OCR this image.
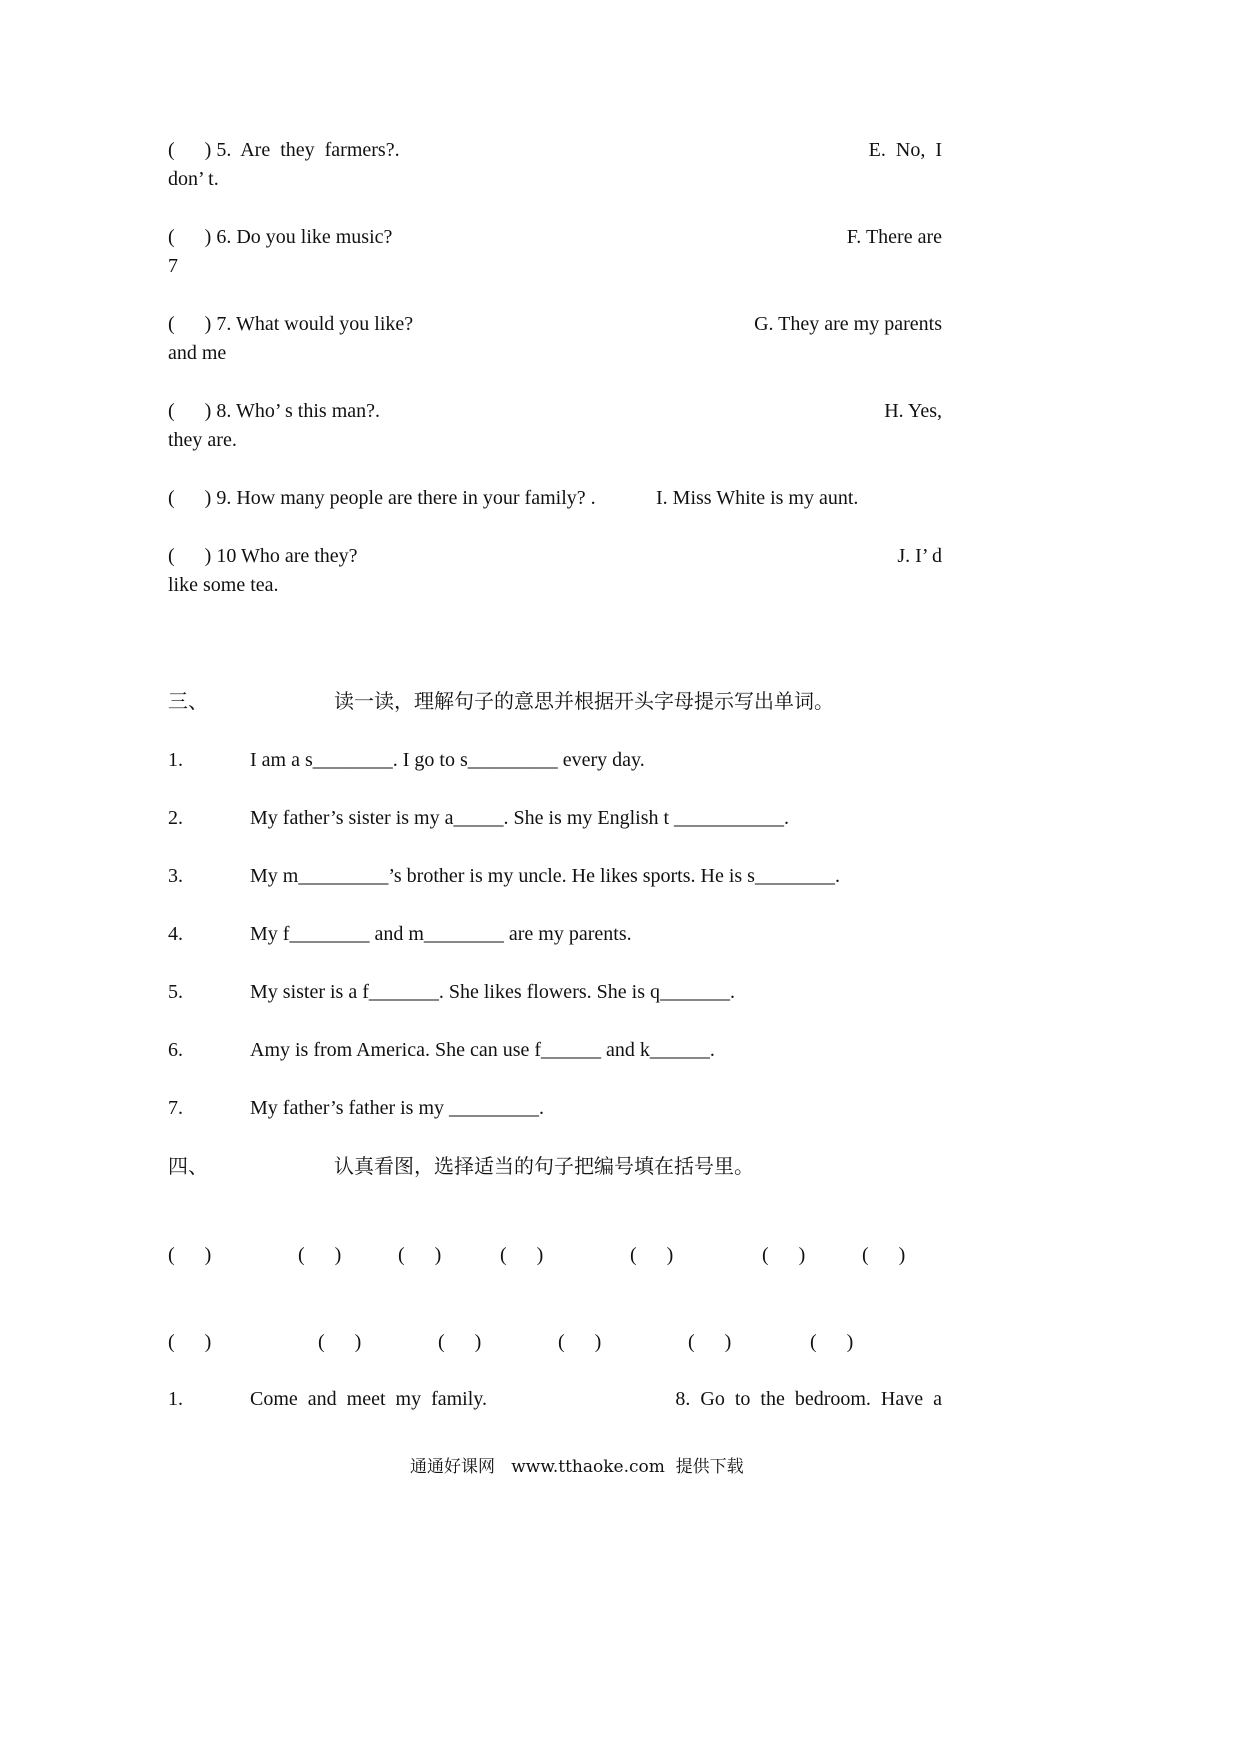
(      ) 5.  Are  they  farmers?.	E.  No,  I
don’ t.
(      ) 6. Do you like music?	F. There are
7
(      ) 7. What would you like?	G. They are my parents
and me
(      ) 8. Who’ s this man?.	H. Yes,
they are.
(      ) 9. How many people are there in your family? .	I. Miss White is my aunt.
(      ) 10 Who are they?	J. I’ d
like some tea.
三、	读一读，理解句子的意思并根据开头字母提示写出单词。
1.	I am a s________. I go to s_________ every day.
2.	My father’s sister is my a_____. She is my English t ___________.
3.	My m_________’s brother is my uncle. He likes sports. He is s________.
4.	My f________ and m________ are my parents.
5.	My sister is a f_______. She likes flowers. She is q_______.
6.	Amy is from America. She can use f______ and k______.
7.	My father’s father is my _________.
四、	认真看图，选择适当的句子把编号填在括号里。
(      )	(      )	(      )	(      )	(      )	(      )	(      )
(      )	(      )	(      )	(      )	(      )	(      )
1.	Come  and  meet  my  family.	8.  Go  to  the  bedroom.  Have  a
通通好课网   www.tthaoke.com  提供下载
